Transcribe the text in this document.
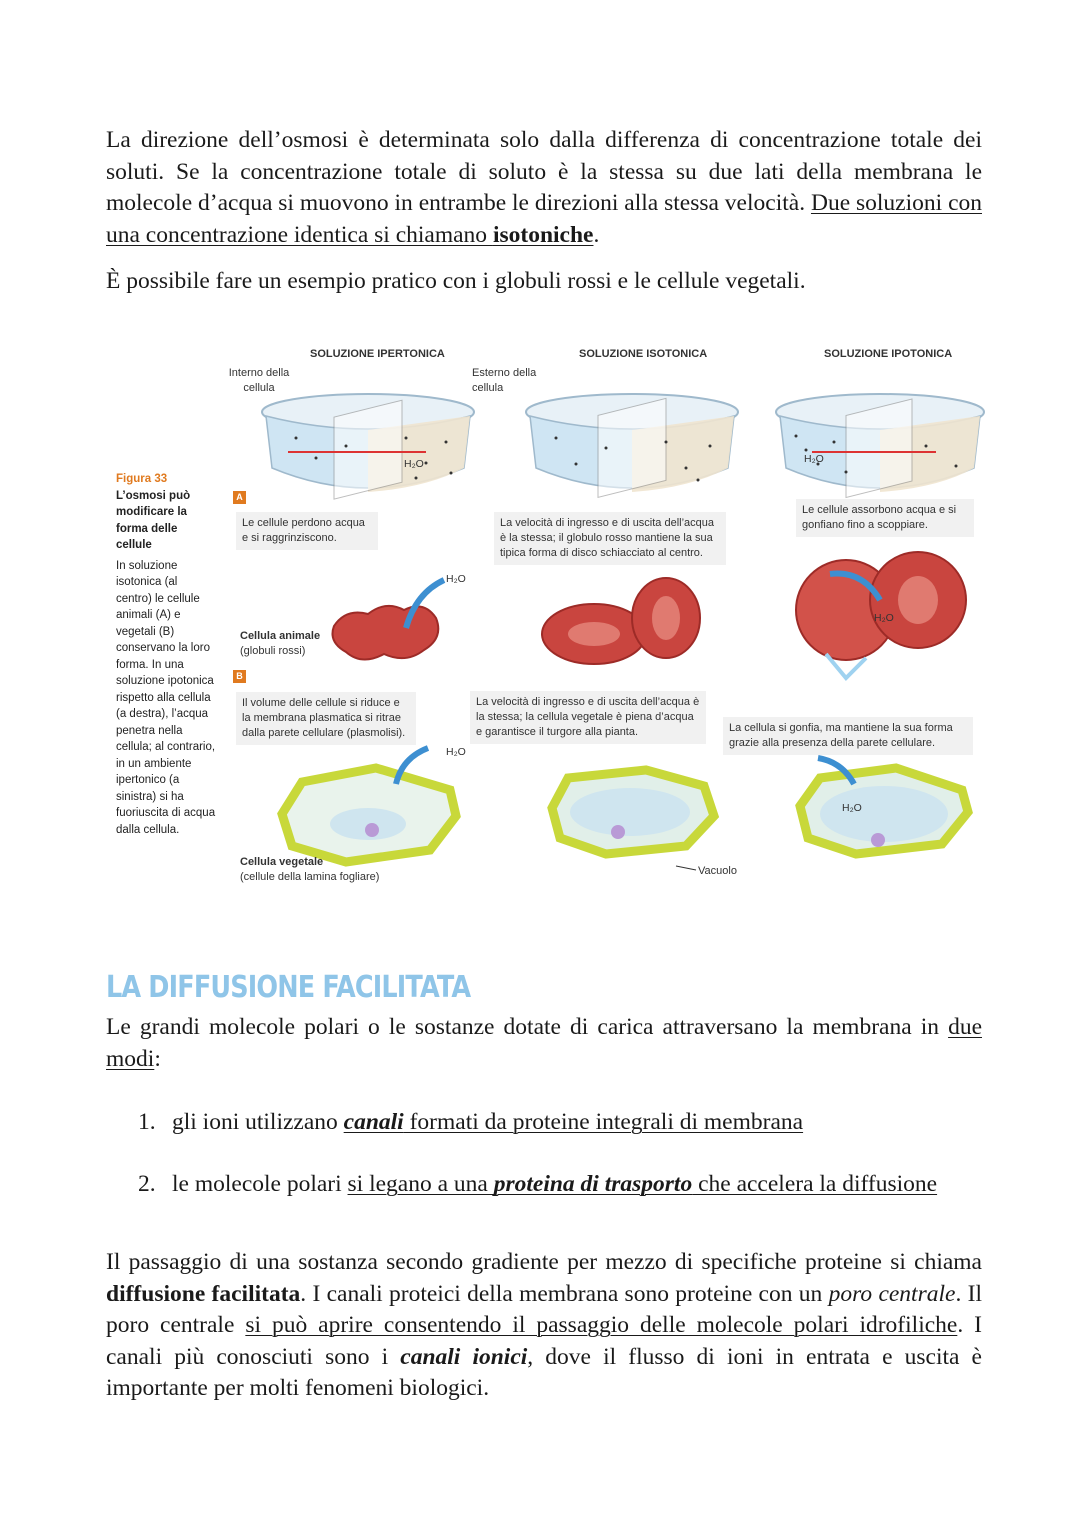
La direzione dell’osmosi è determinata solo dalla differenza di concentrazione totale dei soluti. Se la concentrazione totale di soluto è la stessa su due lati della membrana le molecole d’acqua si muovono in entrambe le direzioni alla stessa velocità. Due soluzioni con una concentrazione identica si chiamano isotoniche.

È possibile fare un esempio pratico con i globuli rossi e le cellule vegetali.

Figura 33
L’osmosi può modificare la forma delle cellule
In soluzione isotonica (al centro) le cellule animali (A) e vegetali (B) conservano la loro forma. In una soluzione ipotonica rispetto alla cellula (a destra), l’acqua penetra nella cellula; al contrario, in un ambiente ipertonico (a sinistra) si ha fuoriuscita di acqua dalla cellula.
SOLUZIONE IPERTONICA	SOLUZIONE ISOTONICA	SOLUZIONE IPOTONICA
Interno della cellula
Esterno della cellula
H₂O	H₂O
H₂O
H₂O
H₂O
H₂O
A
B
Le cellule perdono acqua e si raggrinziscono.
La velocità di ingresso e di uscita dell’acqua è la stessa; il globulo rosso mantiene la sua tipica forma di disco schiacciato al centro.
Le cellule assorbono acqua e si gonfiano fino a scoppiare.
Cellula animale
(globuli rossi)
Il volume delle cellule si riduce e la membrana plasmatica si ritrae dalla parete cellulare (plasmolisi).
La velocità di ingresso e di uscita dell’acqua è la stessa; la cellula vegetale è piena d’acqua e garantisce il turgore alla pianta.	La cellula si gonfia, ma mantiene la sua forma grazie alla presenza della parete cellulare.
Cellula vegetale
(cellule della lamina fogliare)	Vacuolo
LA DIFFUSIONE FACILITATA

Le grandi molecole polari o le sostanze dotate di carica attraversano la membrana in due modi:

1. gli ioni utilizzano canali formati da proteine integrali di membrana

2. le molecole polari si legano a una proteina di trasporto che accelera la diffusione

Il passaggio di una sostanza secondo gradiente per mezzo di specifiche proteine si chiama diffusione facilitata. I canali proteici della membrana sono proteine con un poro centrale. Il poro centrale si può aprire consentendo il passaggio delle molecole polari idrofiliche. I canali più conosciuti sono i canali ionici, dove il flusso di ioni in entrata e uscita è importante per molti fenomeni biologici.
